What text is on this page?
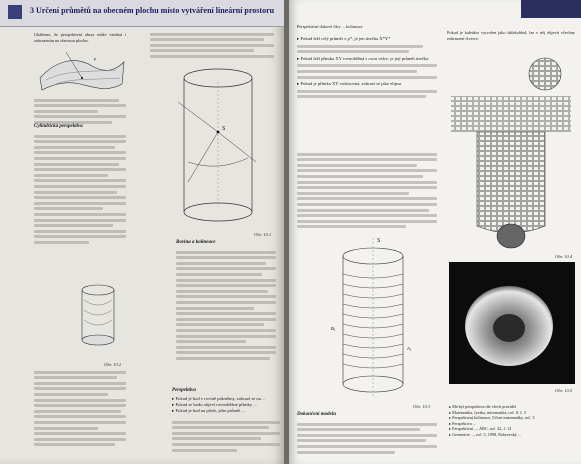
3 Určení průmětů na obecném plochu místo vytváření lineární prostoru
Ukážeme, že perspektivní obraz může vznikat i zobrazením na obecnou plochu.
p
Cylindrická perspektiva
Obr. 10.2
S
Obr. 10.1
Rovina a kolineace
Perspektiva
▸ Pokud je bod v rovině průmětny, zobrazí se na ...
▸ Pokud se bodu objeví rovnoběžné přímky ...
▸ Pokud je bod na ploše, jeho průmět ...
Perspektivní tlakové čáry ... kolineace
▸ Pokud leží celý průmět v p*, je jen úsečka X*Y*
▸ Pokud leží přímka XY rovnoběžná s osou válce, je její průmět úsečka
▸ Pokud je přímka XY vodorovná, zobrazí se jako elipsa
S
B₁
A₁
Obr. 10.3
Dokončení modelu
Pokud je kaleidos vytvořen jako dalekohled, lze v něj objevit všechny zobrazené čtverce.
Obr. 10.4
Obr. 10.5
▸ Má být perspektiva dle všech pravidel
▸ Matematika, fyzika, informatika, roč. 8, č. 5
▸ Perspektivní kolineace, Učení matematiky, roč. 3
▸ Perspektiva ...
▸ Perspektivní ..., ABC, roč. 42, č. 21
▸ Geometrie ..., roč. 5, 1998, Dobrovský ...
